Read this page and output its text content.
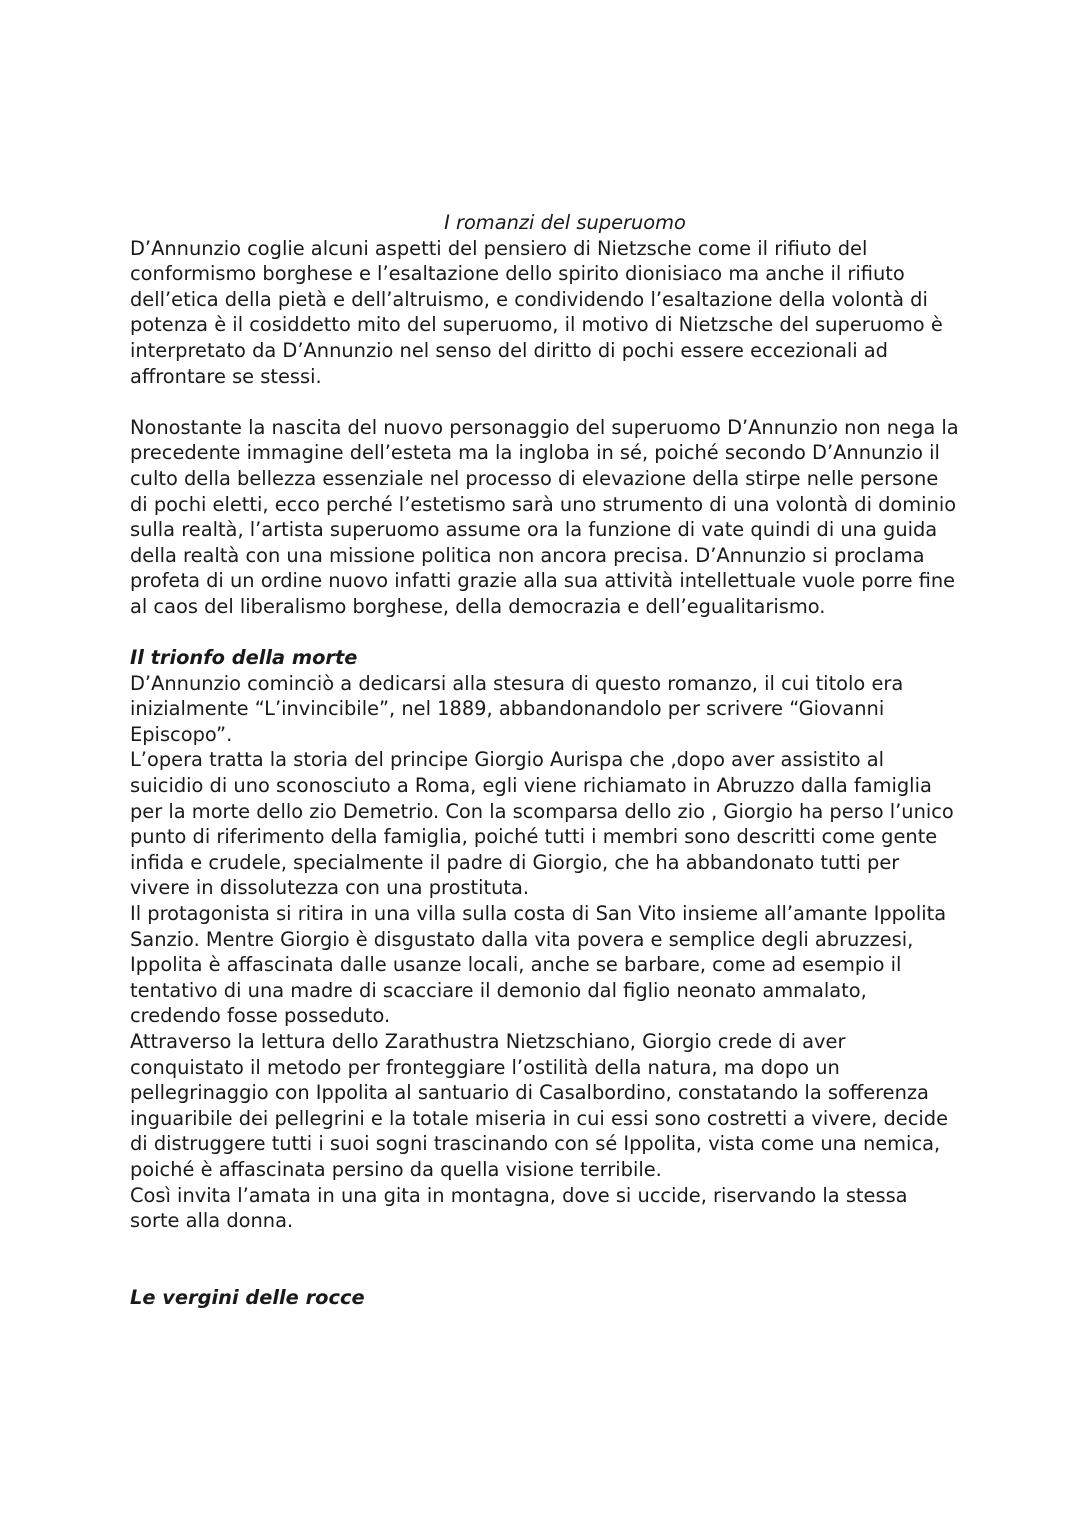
I romanzi del superuomo

D’Annunzio coglie alcuni aspetti del pensiero di Nietzsche come il rifiuto del conformismo borghese e l’esaltazione dello spirito dionisiaco ma anche il rifiuto dell’etica della pietà e dell’altruismo, e condividendo l’esaltazione della volontà di potenza è il cosiddetto mito del superuomo, il motivo di Nietzsche del superuomo è interpretato da D’Annunzio nel senso del diritto di pochi essere eccezionali ad affrontare se stessi.

Nonostante la nascita del nuovo personaggio del superuomo D’Annunzio non nega la precedente immagine dell’esteta ma la ingloba in sé, poiché secondo D’Annunzio il culto della bellezza essenziale nel processo di elevazione della stirpe nelle persone di pochi eletti, ecco perché l’estetismo sarà uno strumento di una volontà di dominio sulla realtà, l’artista superuomo assume ora la funzione di vate quindi di una guida della realtà con una missione politica non ancora precisa. D’Annunzio si proclama profeta di un ordine nuovo infatti grazie alla sua attività intellettuale vuole porre fine al caos del liberalismo borghese, della democrazia e dell’egualitarismo.

Il trionfo della morte

D’Annunzio cominciò a dedicarsi alla stesura di questo romanzo, il cui titolo era inizialmente “L’invincibile”, nel 1889, abbandonandolo per scrivere “Giovanni Episcopo”.

L’opera tratta la storia del principe Giorgio Aurispa che ,dopo aver assistito al suicidio di uno sconosciuto a Roma, egli viene richiamato in Abruzzo dalla famiglia per la morte dello zio Demetrio. Con la scomparsa dello zio , Giorgio ha perso l’unico punto di riferimento della famiglia, poiché tutti i membri sono descritti come gente infida e crudele, specialmente il padre di Giorgio, che ha abbandonato tutti per vivere in dissolutezza con una prostituta.

Il protagonista si ritira in una villa sulla costa di San Vito insieme all’amante Ippolita Sanzio. Mentre Giorgio è disgustato dalla vita povera e semplice degli abruzzesi, Ippolita è affascinata dalle usanze locali, anche se barbare, come ad esempio il tentativo di una madre di scacciare il demonio dal figlio neonato ammalato, credendo fosse posseduto.

Attraverso la lettura dello Zarathustra Nietzschiano, Giorgio crede di aver conquistato il metodo per fronteggiare l’ostilità della natura, ma dopo un pellegrinaggio con Ippolita al santuario di Casalbordino, constatando la sofferenza inguaribile dei pellegrini e la totale miseria in cui essi sono costretti a vivere, decide di distruggere tutti i suoi sogni trascinando con sé Ippolita, vista come una nemica, poiché è affascinata persino da quella visione terribile.

Così invita l’amata in una gita in montagna, dove si uccide, riservando la stessa sorte alla donna.

Le vergini delle rocce
